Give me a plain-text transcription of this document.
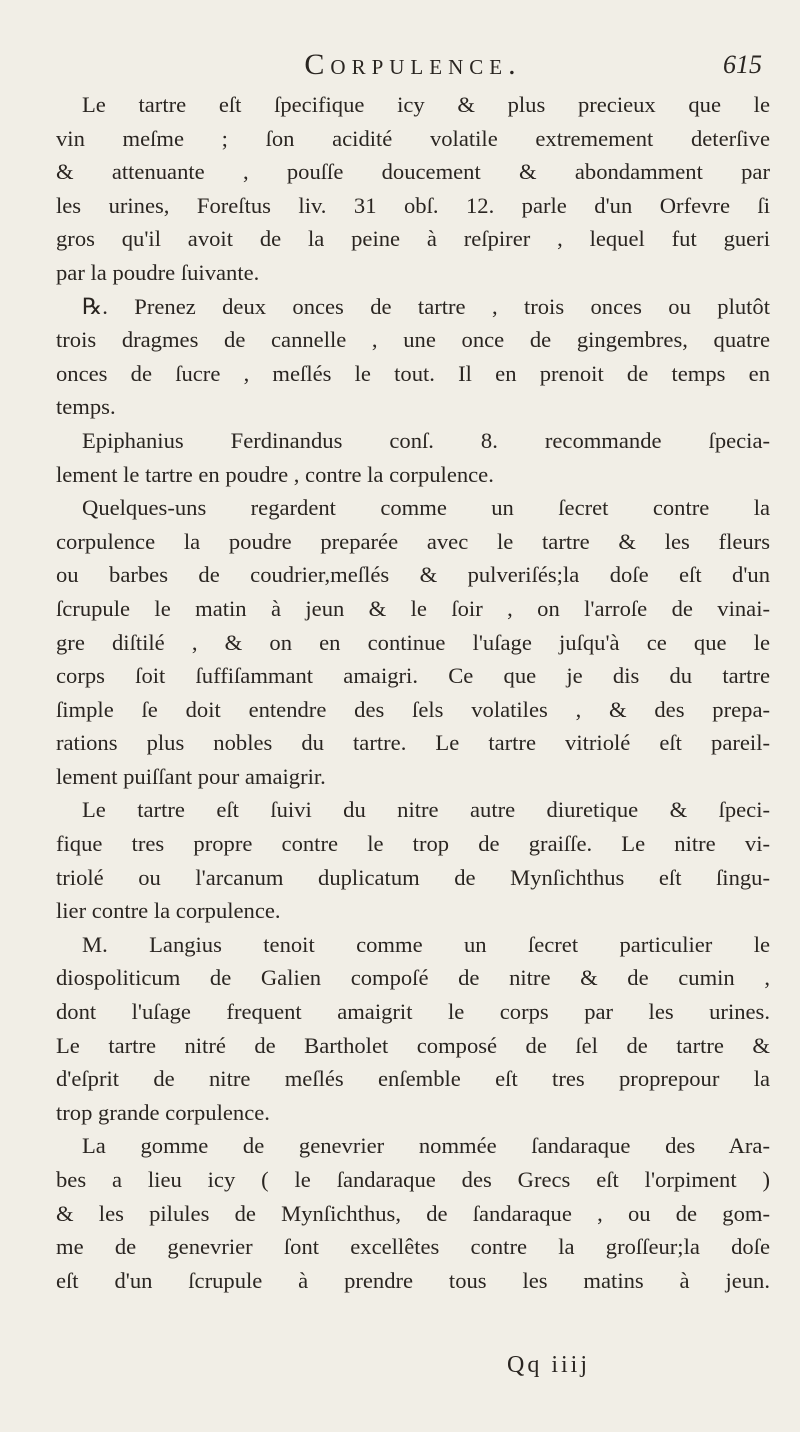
Corpulence.	615
Le tartre eſt ſpecifique icy & plus precieux que le
vin meſme ; ſon acidité volatile extremement deterſive
& attenuante , pouſſe doucement & abondamment par
les urines, Foreſtus liv. 31 obſ. 12. parle d'un Orfevre ſi
gros qu'il avoit de la peine à reſpirer , lequel fut gueri
par la poudre ſuivante.
℞. Prenez deux onces de tartre , trois onces ou plutôt
trois dragmes de cannelle , une once de gingembres, quatre
onces de ſucre , meſlés le tout. Il en prenoit de temps en
temps.
Epiphanius Ferdinandus conſ. 8. recommande ſpecia-
lement le tartre en poudre , contre la corpulence.
Quelques-uns regardent comme un ſecret contre la
corpulence la poudre preparée avec le tartre & les fleurs
ou barbes de coudrier,meſlés & pulveriſés;la doſe eſt d'un
ſcrupule le matin à jeun & le ſoir , on l'arroſe de vinai-
gre diſtilé , & on en continue l'uſage juſqu'à ce que le
corps ſoit ſuffiſammant amaigri. Ce que je dis du tartre
ſimple ſe doit entendre des ſels volatiles , & des prepa-
rations plus nobles du tartre. Le tartre vitriolé eſt pareil-
lement puiſſant pour amaigrir.
Le tartre eſt ſuivi du nitre autre diuretique & ſpeci-
fique tres propre contre le trop de graiſſe. Le nitre vi-
triolé ou l'arcanum duplicatum de Mynſichthus eſt ſingu-
lier contre la corpulence.
M. Langius tenoit comme un ſecret particulier le
diospoliticum de Galien compoſé de nitre & de cumin ,
dont l'uſage frequent amaigrit le corps par les urines.
Le tartre nitré de Bartholet composé de ſel de tartre &
d'eſprit de nitre meſlés enſemble eſt tres proprepour la
trop grande corpulence.
La gomme de genevrier nommée ſandaraque des Ara-
bes a lieu icy ( le ſandaraque des Grecs eſt l'orpiment )
& les pilules de Mynſichthus, de ſandaraque , ou de gom-
me de genevrier ſont excellêtes contre la groſſeur;la doſe
eſt d'un ſcrupule à prendre tous les matins à jeun.
Qq iiij
